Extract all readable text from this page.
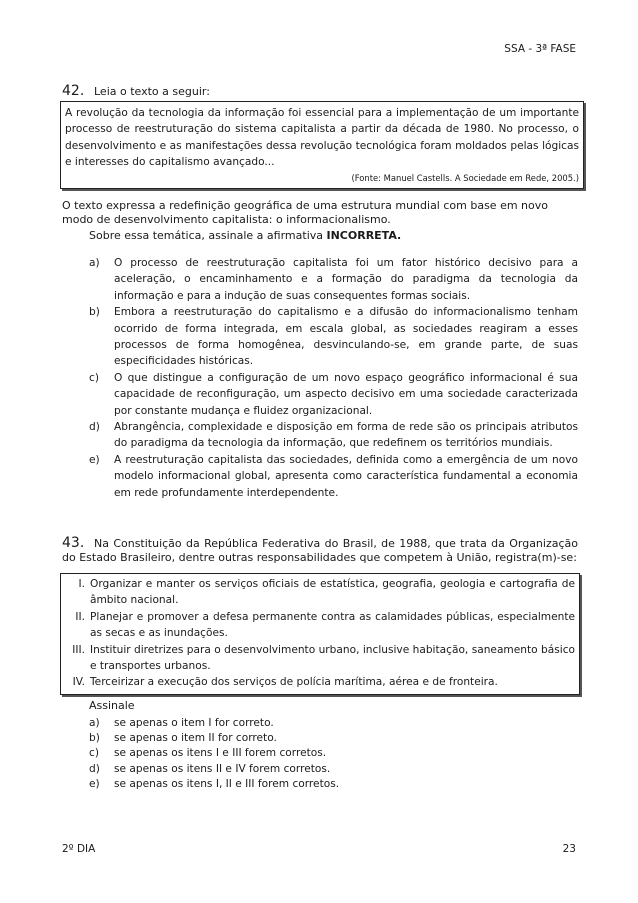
SSA - 3ª FASE
42. Leia o texto a seguir:
A revolução da tecnologia da informação foi essencial para a implementação de um importante processo de reestruturação do sistema capitalista a partir da década de 1980. No processo, o desenvolvimento e as manifestações dessa revolução tecnológica foram moldados pelas lógicas e interesses do capitalismo avançado...
(Fonte: Manuel Castells. A Sociedade em Rede, 2005.)
O texto expressa a redefinição geográfica de uma estrutura mundial com base em novo modo de desenvolvimento capitalista: o informacionalismo.
Sobre essa temática, assinale a afirmativa INCORRETA.
a)	O processo de reestruturação capitalista foi um fator histórico decisivo para a aceleração, o encaminhamento e a formação do paradigma da tecnologia da informação e para a indução de suas consequentes formas sociais.
b)	Embora a reestruturação do capitalismo e a difusão do informacionalismo tenham ocorrido de forma integrada, em escala global, as sociedades reagiram a esses processos de forma homogênea, desvinculando-se, em grande parte, de suas especificidades históricas.
c)	O que distingue a configuração de um novo espaço geográfico informacional é sua capacidade de reconfiguração, um aspecto decisivo em uma sociedade caracterizada por constante mudança e fluidez organizacional.
d)	Abrangência, complexidade e disposição em forma de rede são os principais atributos do paradigma da tecnologia da informação, que redefinem os territórios mundiais.
e)	A reestruturação capitalista das sociedades, definida como a emergência de um novo modelo informacional global, apresenta como característica fundamental a economia em rede profundamente interdependente.
43. Na Constituição da República Federativa do Brasil, de 1988, que trata da Organização do Estado Brasileiro, dentre outras responsabilidades que competem à União, registra(m)-se:
I. Organizar e manter os serviços oficiais de estatística, geografia, geologia e cartografia de âmbito nacional.
II. Planejar e promover a defesa permanente contra as calamidades públicas, especialmente as secas e as inundações.
III. Instituir diretrizes para o desenvolvimento urbano, inclusive habitação, saneamento básico e transportes urbanos.
IV. Terceirizar a execução dos serviços de polícia marítima, aérea e de fronteira.
Assinale
a)	se apenas o item I for correto.
b)	se apenas o item II for correto.
c)	se apenas os itens I e III forem corretos.
d)	se apenas os itens II e IV forem corretos.
e)	se apenas os itens I, II e III forem corretos.
2º DIA	23
